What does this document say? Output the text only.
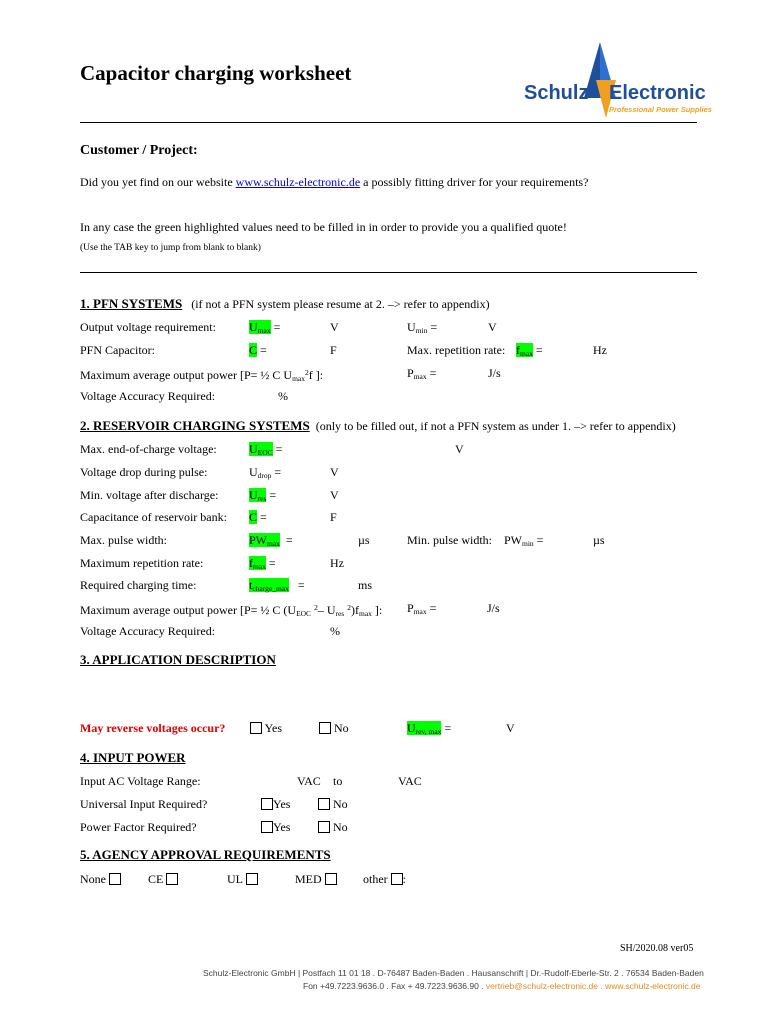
Capacitor charging worksheet
Schulz Electronic
Professional Power Supplies
Customer / Project:
Did you yet find on our website www.schulz-electronic.de a possibly fitting driver for your requirements?
In any case the green highlighted values need to be filled in in order to provide you a qualified quote!
(Use the TAB key to jump from blank to blank)
1. PFN SYSTEMS (if not a PFN system please resume at 2. –> refer to appendix)
Output voltage requirement:	$U_{max}$ =	V	$U_{min}$ =	V
PFN Capacitor:	C =	F	Max. repetition rate: $f_{max}$ =	Hz
Maximum average output power [P= ½ C $U_{max}^2f$ ]:	$P_{max}$ =	J/s
Voltage Accuracy Required:	%
2. RESERVOIR CHARGING SYSTEMS (only to be filled out, if not a PFN system as under 1. –> refer to appendix)
Max. end-of-charge voltage:	$U_{EOC}$ =	V
Voltage drop during pulse:	$U_{drop}$ =	V
Min. voltage after discharge:	$U_{res}$ =	V
Capacitance of reservoir bank: C =	F
Max. pulse width:	$PW_{max}$ =	µs	Min. pulse width: $PW_{min}$ =	µs
Maximum repetition rate:	$f_{max}$ =	Hz
Required charging time:	$t_{charge\_max}$ =	ms
Maximum average output power [P= ½ C ($U_{EOC}$ $^2$– $U_{res}$ $^2)f_{max}$ ]: $P_{max}$ =	J/s
Voltage Accuracy Required:	%
3. APPLICATION DESCRIPTION
May reverse voltages occur?	Yes	No	$U_{rev, max}$ =	V
4. INPUT POWER
Input AC Voltage Range:	VAC to	VAC
Universal Input Required?	Yes	No
Power Factor Required?	Yes	No
5. AGENCY APPROVAL REQUIREMENTS
None	CE	UL	MED	other :
SH/2020.08 ver05
Schulz-Electronic GmbH | Postfach 11 01 18 . D-76487 Baden-Baden . Hausanschrift | Dr.-Rudolf-Eberle-Str. 2 . 76534 Baden-Baden
Fon +49.7223.9636.0 . Fax + 49.7223.9636.90 . vertrieb@schulz-electronic.de . www.schulz-electronic.de
